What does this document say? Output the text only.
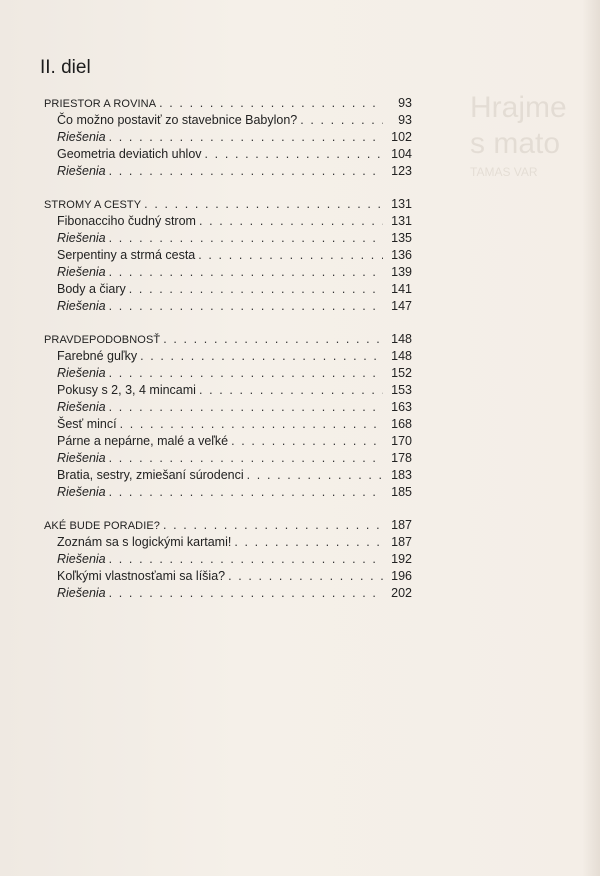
Hrajme
s mato
TAMAS VAR
II. diel
PRIESTOR A ROVINA . . .	93
Čo možno postaviť zo stavebnice Babylon? . . .	93
Riešenia . . .	102
Geometria deviatich uhlov . . .	104
Riešenia . . .	123
STROMY A CESTY . . .	131
Fibonacciho čudný strom . . .	131
Riešenia . . .	135
Serpentiny a strmá cesta . . .	136
Riešenia . . .	139
Body a čiary . . .	141
Riešenia . . .	147
PRAVDEPODOBNOSŤ . . .	148
Farebné guľky . . .	148
Riešenia . . .	152
Pokusy s 2, 3, 4 mincami . . .	153
Riešenia . . .	163
Šesť mincí . . .	168
Párne a nepárne, malé a veľké . . .	170
Riešenia . . .	178
Bratia, sestry, zmiešaní súrodenci . . .	183
Riešenia . . .	185
AKÉ BUDE PORADIE? . . .	187
Zoznám sa s logickými kartami! . . .	187
Riešenia . . .	192
Koľkými vlastnosťami sa líšia? . . .	196
Riešenia . . .	202
